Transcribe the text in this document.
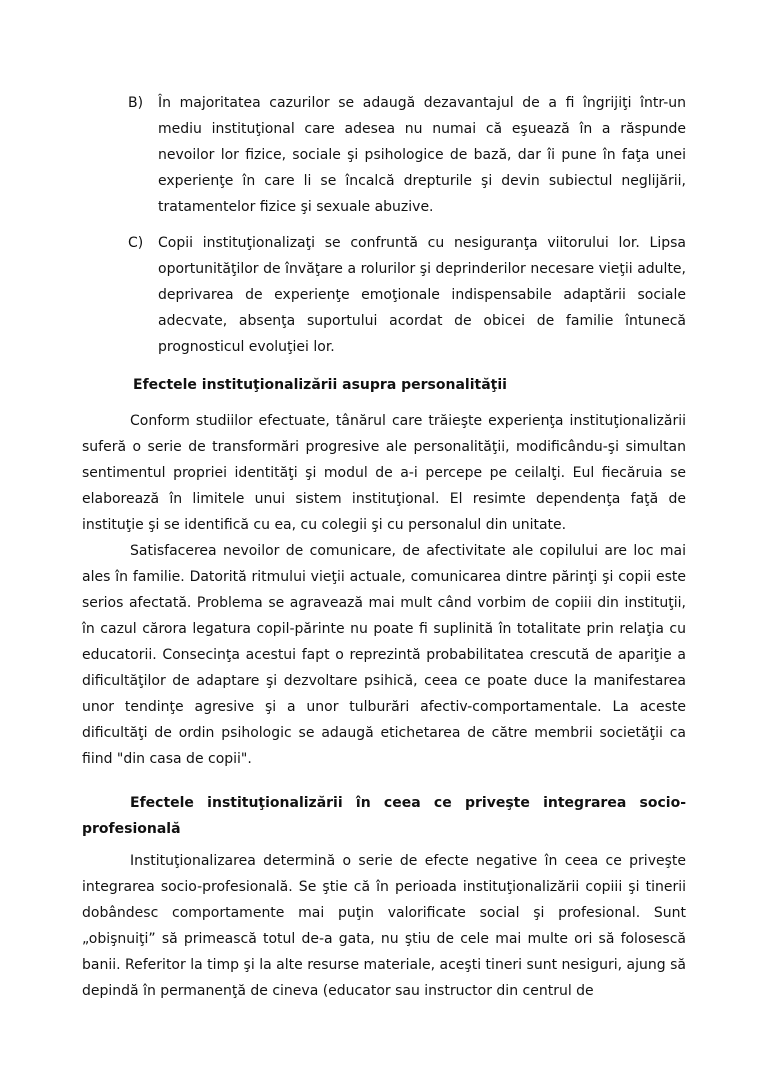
B)	În majoritatea cazurilor se adaugă dezavantajul de a fi îngrijiţi într-un mediu instituţional care adesea nu numai că eşuează în a răspunde nevoilor lor fizice, sociale şi psihologice de bază, dar îi pune în faţa unei experienţe în care li se încalcă drepturile şi devin subiectul neglijării, tratamentelor fizice şi sexuale abuzive.
C)	Copii instituţionalizaţi se confruntă cu nesiguranţa viitorului lor. Lipsa oportunităţilor de învăţare a rolurilor şi deprinderilor necesare vieţii adulte, deprivarea de experienţe emoţionale indispensabile adaptării sociale adecvate, absenţa suportului acordat de obicei de familie întunecă prognosticul evoluţiei lor.
Efectele instituţionalizării asupra personalităţii

Conform studiilor efectuate, tânărul care trăieşte experienţa instituţionalizării suferă o serie de transformări progresive ale personalităţii, modificându-şi simultan sentimentul propriei identităţi şi modul de a-i percepe pe ceilalţi. Eul fiecăruia se elaborează în limitele unui sistem instituţional. El resimte dependenţa faţă de instituţie şi se identifică cu ea, cu colegii şi cu personalul din unitate.

Satisfacerea nevoilor de comunicare, de afectivitate ale copilului are loc mai ales în familie. Datorită ritmului vieţii actuale, comunicarea dintre părinţi şi copii este serios afectată. Problema se agravează mai mult când vorbim de copiii din instituţii, în cazul cărora legatura copil-părinte nu poate fi suplinită în totalitate prin relaţia cu educatorii. Consecinţa acestui fapt o reprezintă probabilitatea crescută de apariţie a dificultăţilor de adaptare şi dezvoltare psihică, ceea ce poate duce la manifestarea unor tendinţe agresive şi a unor tulburări afectiv-comportamentale. La aceste dificultăţi de ordin psihologic se adaugă etichetarea de către membrii societăţii ca fiind "din casa de copii".

Efectele instituţionalizării în ceea ce priveşte integrarea socio-profesională

Instituţionalizarea determină o serie de efecte negative în ceea ce priveşte integrarea socio-profesională. Se ştie că în perioada instituţionalizării copiii şi tinerii dobândesc comportamente mai puţin valorificate social şi profesional. Sunt „obişnuiţi” să primească totul de-a gata, nu ştiu de cele mai multe ori să folosescă banii. Referitor la timp şi la alte resurse materiale, aceşti tineri sunt nesiguri, ajung să depindă în permanenţă de cineva (educator sau instructor din centrul de
